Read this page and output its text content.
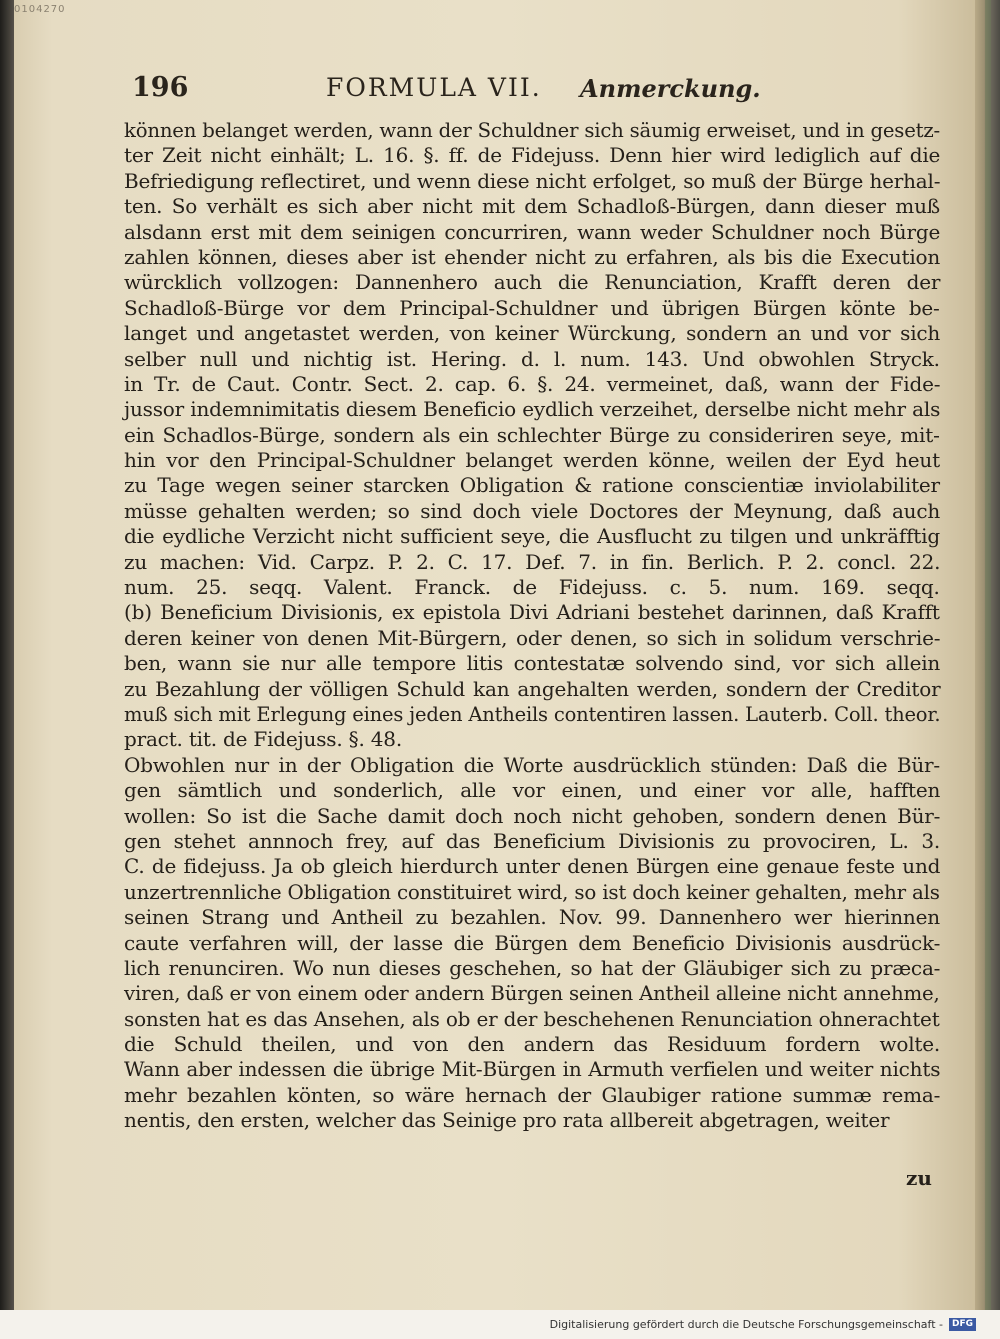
0104270
196	FORMULA VII. Anmerckung.
können belanget werden, wann der Schuldner sich säumig erweiset, und in gesetz-
ter Zeit nicht einhält; L. 16. §. ff. de Fidejuss. Denn hier wird lediglich auf die
Befriedigung reflectiret, und wenn diese nicht erfolget, so muß der Bürge herhal-
ten. So verhält es sich aber nicht mit dem Schadloß-Bürgen, dann dieser muß
alsdann erst mit dem seinigen concurriren, wann weder Schuldner noch Bürge
zahlen können, dieses aber ist ehender nicht zu erfahren, als bis die Execution
würcklich vollzogen: Dannenhero auch die Renunciation, Krafft deren der
Schadloß-Bürge vor dem Principal-Schuldner und übrigen Bürgen könte be-
langet und angetastet werden, von keiner Würckung, sondern an und vor sich
selber null und nichtig ist. Hering. d. l. num. 143. Und obwohlen Stryck.
in Tr. de Caut. Contr. Sect. 2. cap. 6. §. 24. vermeinet, daß, wann der Fide-
jussor indemnimitatis diesem Beneficio eydlich verzeihet, derselbe nicht mehr als
ein Schadlos-Bürge, sondern als ein schlechter Bürge zu consideriren seye, mit-
hin vor den Principal-Schuldner belanget werden könne, weilen der Eyd heut
zu Tage wegen seiner starcken Obligation & ratione conscientiæ inviolabiliter
müsse gehalten werden; so sind doch viele Doctores der Meynung, daß auch
die eydliche Verzicht nicht sufficient seye, die Ausflucht zu tilgen und unkräfftig
zu machen: Vid. Carpz. P. 2. C. 17. Def. 7. in fin. Berlich. P. 2. concl. 22.
num. 25. seqq. Valent. Franck. de Fidejuss. c. 5. num. 169. seqq.
(b) Beneficium Divisionis, ex epistola Divi Adriani bestehet darinnen, daß Krafft
deren keiner von denen Mit-Bürgern, oder denen, so sich in solidum verschrie-
ben, wann sie nur alle tempore litis contestatæ solvendo sind, vor sich allein
zu Bezahlung der völligen Schuld kan angehalten werden, sondern der Creditor
muß sich mit Erlegung eines jeden Antheils contentiren lassen. Lauterb. Coll. theor.
pract. tit. de Fidejuss. §. 48.
Obwohlen nur in der Obligation die Worte ausdrücklich stünden: Daß die Bür-
gen sämtlich und sonderlich, alle vor einen, und einer vor alle, hafften
wollen: So ist die Sache damit doch noch nicht gehoben, sondern denen Bür-
gen stehet annnoch frey, auf das Beneficium Divisionis zu provociren, L. 3.
C. de fidejuss. Ja ob gleich hierdurch unter denen Bürgen eine genaue feste und
unzertrennliche Obligation constituiret wird, so ist doch keiner gehalten, mehr als
seinen Strang und Antheil zu bezahlen. Nov. 99. Dannenhero wer hierinnen
caute verfahren will, der lasse die Bürgen dem Beneficio Divisionis ausdrück-
lich renunciren. Wo nun dieses geschehen, so hat der Gläubiger sich zu præca-
viren, daß er von einem oder andern Bürgen seinen Antheil alleine nicht annehme,
sonsten hat es das Ansehen, als ob er der beschehenen Renunciation ohnerachtet
die Schuld theilen, und von den andern das Residuum fordern wolte.
Wann aber indessen die übrige Mit-Bürgen in Armuth verfielen und weiter nichts
mehr bezahlen könten, so wäre hernach der Glaubiger ratione summæ rema-
nentis, den ersten, welcher das Seinige pro rata allbereit abgetragen, weiter
zu
Digitalisierung gefördert durch die Deutsche Forschungsgemeinschaft -	DFG
